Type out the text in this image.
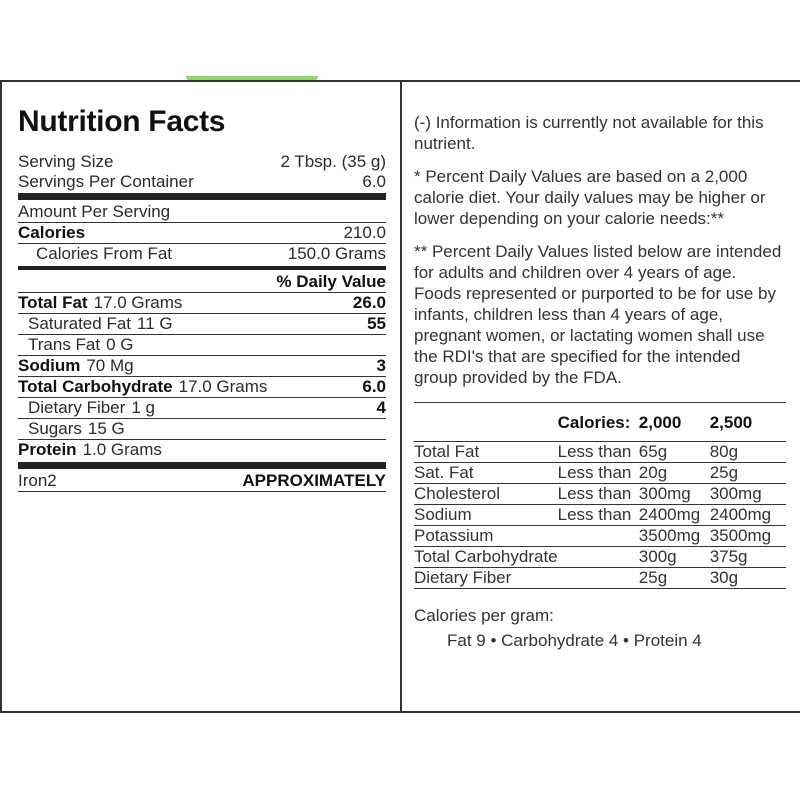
Nutrition Facts
Serving Size	2 Tbsp. (35 g)
Servings Per Container	6.0
Amount Per Serving
Calories	210.0
Calories From Fat	150.0 Grams
% Daily Value
Total Fat 17.0 Grams	26.0
Saturated Fat 11 G	55
Trans Fat 0 G
Sodium 70 Mg	3
Total Carbohydrate 17.0 Grams	6.0
Dietary Fiber 1 g	4
Sugars 15 G
Protein 1.0 Grams
Iron2	APPROXIMATELY

(-) Information is currently not available for this nutrient.

* Percent Daily Values are based on a 2,000 calorie diet. Your daily values may be higher or lower depending on your calorie needs:**

** Percent Daily Values listed below are intended for adults and children over 4 years of age. Foods represented or purported to be for use by infants, children less than 4 years of age, pregnant women, or lactating women shall use the RDI's that are specified for the intended group provided by the FDA.

	Calories:	2,000	2,500
Total Fat	Less than	65g	80g
Sat. Fat	Less than	20g	25g
Cholesterol	Less than	300mg	300mg
Sodium	Less than	2400mg	2400mg
Potassium		3500mg	3500mg
Total Carbohydrate		300g	375g
Dietary Fiber		25g	30g
Calories per gram:
Fat 9 • Carbohydrate 4 • Protein 4
